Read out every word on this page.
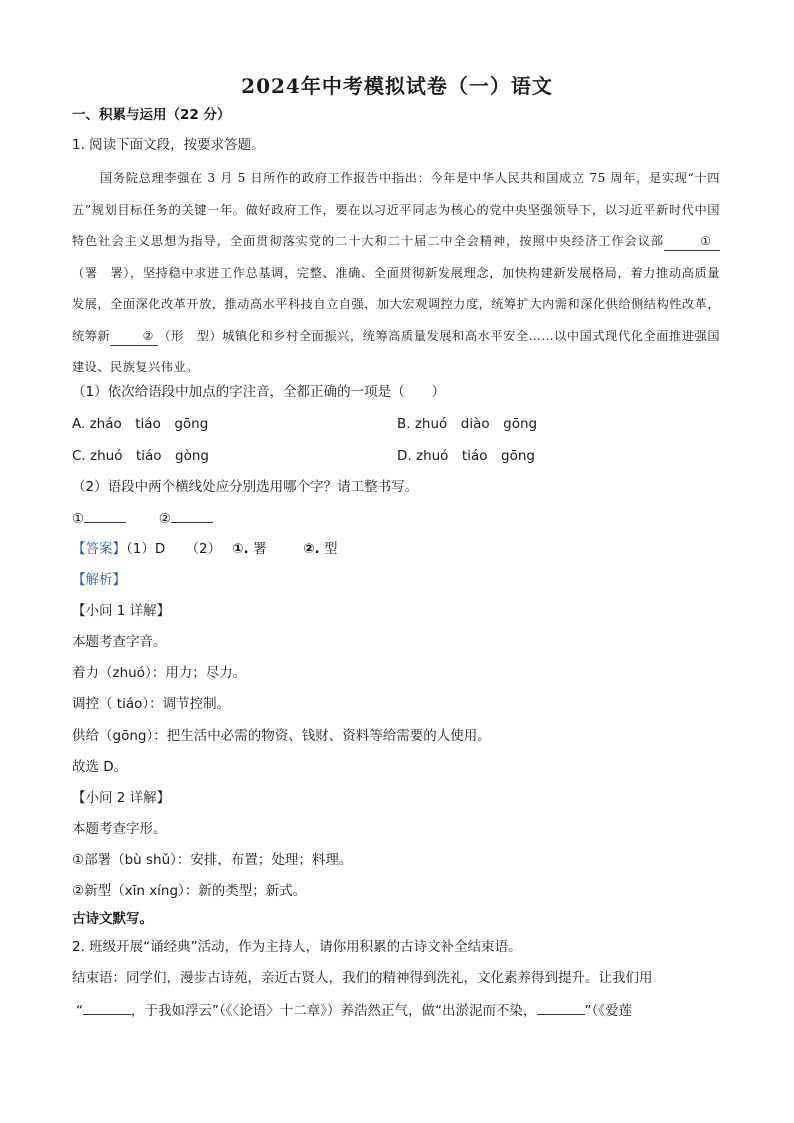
2024年中考模拟试卷（一）语文
一、积累与运用（22 分）
1. 阅读下面文段，按要求答题。
国务院总理李强在 3 月 5 日所作的政府工作报告中指出：今年是中华人民共和国成立 75 周年，是实现“十四五”规划目标任务的关键一年。做好政府工作，要在以习近平同志为核心的党中央坚强领导下，以习近平新时代中国特色社会主义思想为指导，全面贯彻落实党的二十大和二十届二中全会精神，按照中央经济工作会议部	①（署　署），坚持稳中求进工作总基调，完整、准确、全面贯彻新发展理念，加快构建新发展格局，着力推动高质量发展，全面深化改革开放，推动高水平科技自立自强，加大宏观调控力度，统筹扩大内需和深化供给侧结构性改革，统筹新	② （形　型）城镇化和乡村全面振兴，统筹高质量发展和高水平安全……以中国式现代化全面推进强国建设、民族复兴伟业。
（1）依次给语段中加点的字注音，全都正确的一项是（　　）
A. zháo　tiáo　gōng	B. zhuó　diào　gōng
C. zhuó　tiáo　gòng	D. zhuó　tiáo　gōng
（2）语段中两个横线处应分别选用哪个字？请工整书写。
①	②
【答案】（1）D　　（2）　 ①. 署	②. 型
【解析】
【小问 1 详解】
本题考查字音。
着力（zhuó）：用力；尽力。
调控（ tiáo）：调节控制。
供给（gōng）：把生活中必需的物资、钱财、资料等给需要的人使用。
故选 D。
【小问 2 详解】
本题考查字形。
①部署（bù shǔ）：安排，布置；处理；料理。
②新型（xīn xíng）：新的类型；新式。
古诗文默写。
2. 班级开展“诵经典”活动，作为主持人，请你用积累的古诗文补全结束语。
结束语：同学们，漫步古诗苑，亲近古贤人，我们的精神得到洗礼，文化素养得到提升。让我们用
“	，于我如浮云”（《〈论语〉十二章》）养浩然正气，做“出淤泥而不染，	”（《爱莲
